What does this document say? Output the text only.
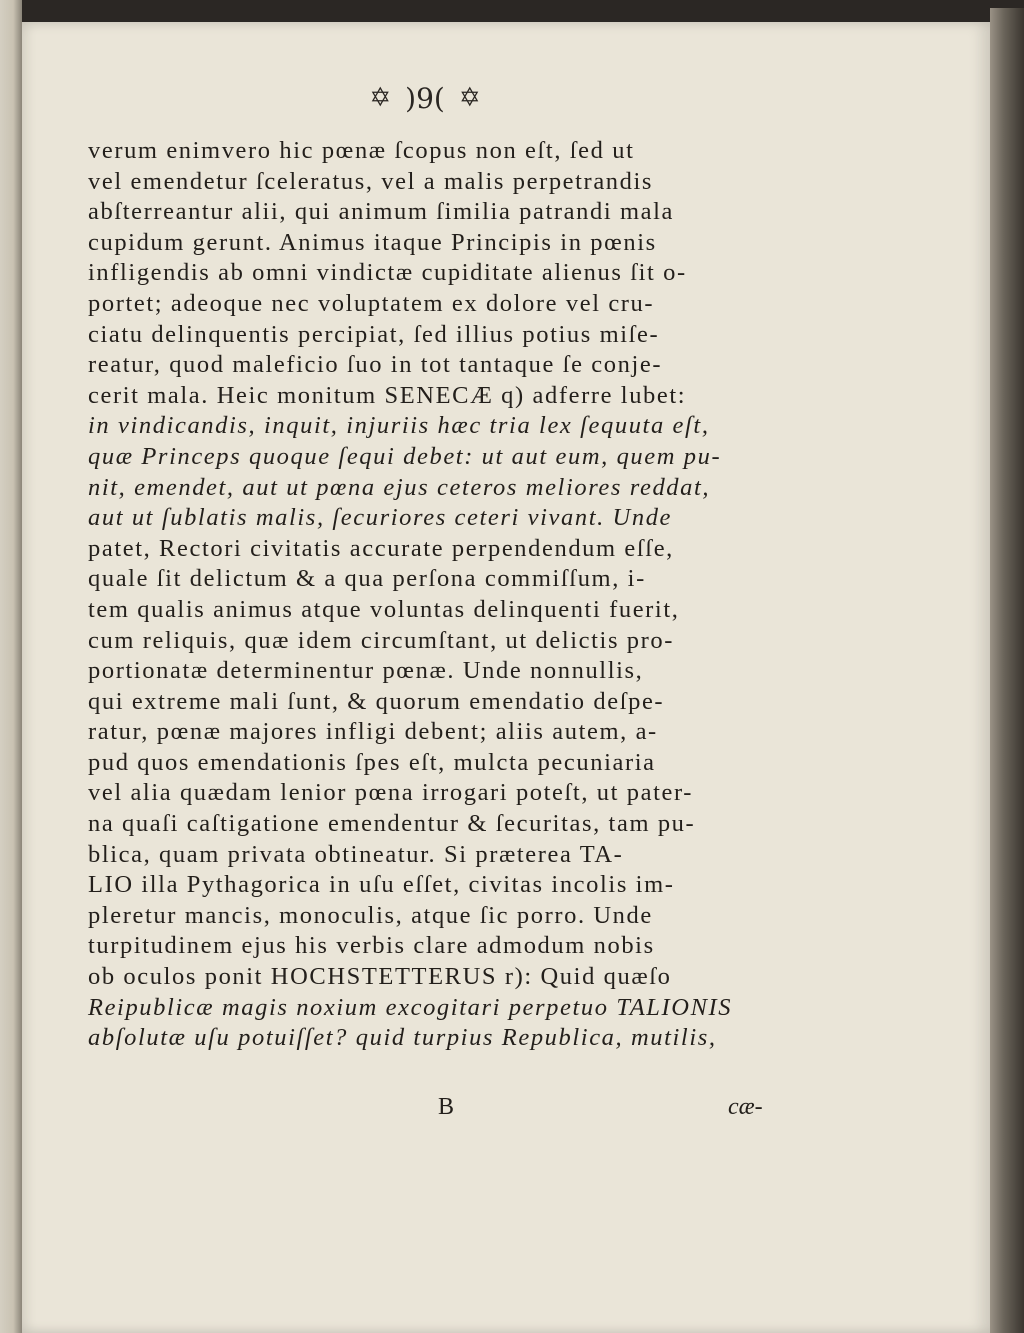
✡ )9( ✡
verum enimvero hic pœnæ ſcopus non eſt, ſed ut
vel emendetur ſceleratus, vel a malis perpetrandis
abſterreantur alii, qui animum ſimilia patrandi mala
cupidum gerunt. Animus itaque Principis in pœnis
infligendis ab omni vindictæ cupiditate alienus ſit o-
portet; adeoque nec voluptatem ex dolore vel cru-
ciatu delinquentis percipiat, ſed illius potius miſe-
reatur, quod maleficio ſuo in tot tantaque ſe conje-
cerit mala. Heic monitum SENECÆ q) adferre lubet:
in vindicandis, inquit, injuriis hæc tria lex ſequuta eſt,
quæ Princeps quoque ſequi debet: ut aut eum, quem pu-
nit, emendet, aut ut pœna ejus ceteros meliores reddat,
aut ut ſublatis malis, ſecuriores ceteri vivant. Unde
patet, Rectori civitatis accurate perpendendum eſſe,
quale ſit delictum & a qua perſona commiſſum, i-
tem qualis animus atque voluntas delinquenti fuerit,
cum reliquis, quæ idem circumſtant, ut delictis pro-
portionatæ determinentur pœnæ. Unde nonnullis,
qui extreme mali ſunt, & quorum emendatio deſpe-
ratur, pœnæ majores infligi debent; aliis autem, a-
pud quos emendationis ſpes eſt, mulcta pecuniaria
vel alia quædam lenior pœna irrogari poteſt, ut pater-
na quaſi caſtigatione emendentur & ſecuritas, tam pu-
blica, quam privata obtineatur. Si præterea TA-
LIO illa Pythagorica in uſu eſſet, civitas incolis im-
pleretur mancis, monoculis, atque ſic porro. Unde
turpitudinem ejus his verbis clare admodum nobis
ob oculos ponit HOCHSTETTERUS r): Quid quæſo
Reipublicæ magis noxium excogitari perpetuo TALIONIS
abſolutæ uſu potuiſſet? quid turpius Republica, mutilis,
B	cæ-
